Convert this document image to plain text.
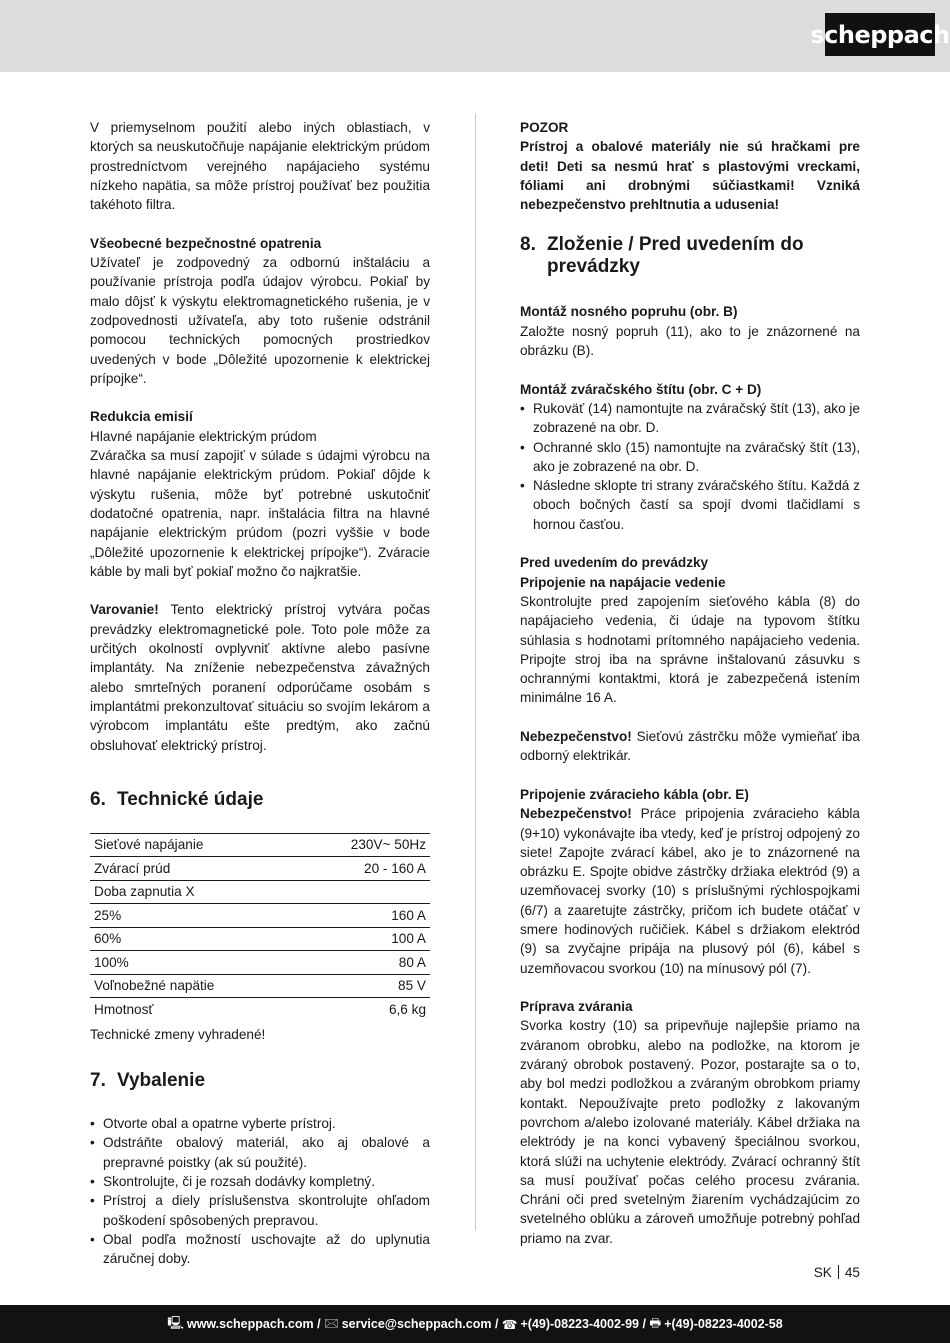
scheppach

V priemyselnom použití alebo iných oblastiach, v ktorých sa neuskutočňuje napájanie elektrickým prúdom prostredníctvom verejného napájacieho systému nízkeho napätia, sa môže prístroj používať bez použitia takéhoto filtra.

Všeobecné bezpečnostné opatrenia

Užívateľ je zodpovedný za odbornú inštaláciu a používanie prístroja podľa údajov výrobcu. Pokiaľ by malo dôjsť k výskytu elektromagnetického rušenia, je v zodpovednosti užívateľa, aby toto rušenie odstránil pomocou technických pomocných prostriedkov uvedených v bode „Dôležité upozornenie k elektrickej prípojke“.

Redukcia emisií
Hlavné napájanie elektrickým prúdom

Zváračka sa musí zapojiť v súlade s údajmi výrobcu na hlavné napájanie elektrickým prúdom. Pokiaľ dôjde k výskytu rušenia, môže byť potrebné uskutočniť dodatočné opatrenia, napr. inštalácia filtra na hlavné napájanie elektrickým prúdom (pozri vyššie v bode „Dôležité upozornenie k elektrickej prípojke“). Zváracie káble by mali byť pokiaľ možno čo najkratšie.

Varovanie! Tento elektrický prístroj vytvára počas prevádzky elektromagnetické pole. Toto pole môže za určitých okolností ovplyvniť aktívne alebo pasívne implantáty. Na zníženie nebezpečenstva závažných alebo smrteľných poranení odporúčame osobám s implantátmi prekonzultovať situáciu so svojím lekárom a výrobcom implantátu ešte predtým, ako začnú obsluhovať elektrický prístroj.

6. Technické údaje
Sieťové napájanie	230V~ 50Hz
Zvárací prúd	20 - 160 A
Doba zapnutia X	
25%	160 A
60%	100 A
100%	80 A
Voľnobežné napätie	85 V
Hmotnosť	6,6 kg
Technické zmeny vyhradené!
7. Vybalenie
• Otvorte obal a opatrne vyberte prístroj.
• Odstráňte obalový materiál, ako aj obalové a prepravné poistky (ak sú použité).
• Skontrolujte, či je rozsah dodávky kompletný.
• Prístroj a diely príslušenstva skontrolujte ohľadom poškodení spôsobených prepravou.
• Obal podľa možností uschovajte až do uplynutia záručnej doby.
POZOR

Prístroj a obalové materiály nie sú hračkami pre deti! Deti sa nesmú hrať s plastovými vreckami, fóliami ani drobnými súčiastkami! Vzniká nebezpečenstvo prehltnutia a udusenia!

8. Zloženie / Pred uvedením do prevádzky
Montáž nosného popruhu (obr. B)

Založte nosný popruh (11), ako to je znázornené na obrázku (B).

Montáž zváračského štítu (obr. C + D)
• Rukoväť (14) namontujte na zváračský štít (13), ako je zobrazené na obr. D.
• Ochranné sklo (15) namontujte na zváračský štít (13), ako je zobrazené na obr. D.
• Následne sklopte tri strany zváračského štítu. Každá z oboch bočných častí sa spojí dvomi tlačidlami s hornou časťou.
Pred uvedením do prevádzky
Pripojenie na napájacie vedenie

Skontrolujte pred zapojením sieťového kábla (8) do napájacieho vedenia, či údaje na typovom štítku súhlasia s hodnotami prítomného napájacieho vedenia. Pripojte stroj iba na správne inštalovanú zásuvku s ochrannými kontaktmi, ktorá je zabezpečená istením minimálne 16 A.

Nebezpečenstvo! Sieťovú zástrčku môže vymieňať iba odborný elektrikár.

Pripojenie zváracieho kábla (obr. E)

Nebezpečenstvo! Práce pripojenia zváracieho kábla (9+10) vykonávajte iba vtedy, keď je prístroj odpojený zo siete! Zapojte zvárací kábel, ako je to znázornené na obrázku E. Spojte obidve zástrčky držiaka elektród (9) a uzemňovacej svorky (10) s príslušnými rýchlospojkami (6/7) a zaaretujte zástrčky, pričom ich budete otáčať v smere hodinových ručičiek. Kábel s držiakom elektród (9) sa zvyčajne pripája na plusový pól (6), kábel s uzemňovacou svorkou (10) na mínusový pól (7).

Príprava zvárania

Svorka kostry (10) sa pripevňuje najlepšie priamo na zváranom obrobku, alebo na podložke, na ktorom je zváraný obrobok postavený. Pozor, postarajte sa o to, aby bol medzi podložkou a zváraným obrobkom priamy kontakt. Nepoužívajte preto podložky z lakovaným povrchom a/alebo izolované materiály. Kábel držiaka na elektródy je na konci vybavený špeciálnou svorkou, ktorá slúži na uchytenie elektródy. Zvárací ochranný štít sa musí používať počas celého procesu zvárania. Chráni oči pred svetelným žiarením vychádzajúcim zo svetelného oblúku a zároveň umožňuje potrebný pohľad priamo na zvar.

SK 45
🖳 www.scheppach.com /
🖂 service@scheppach.com /
☎ +(49)-08223-4002-99 /
🖶 +(49)-08223-4002-58
